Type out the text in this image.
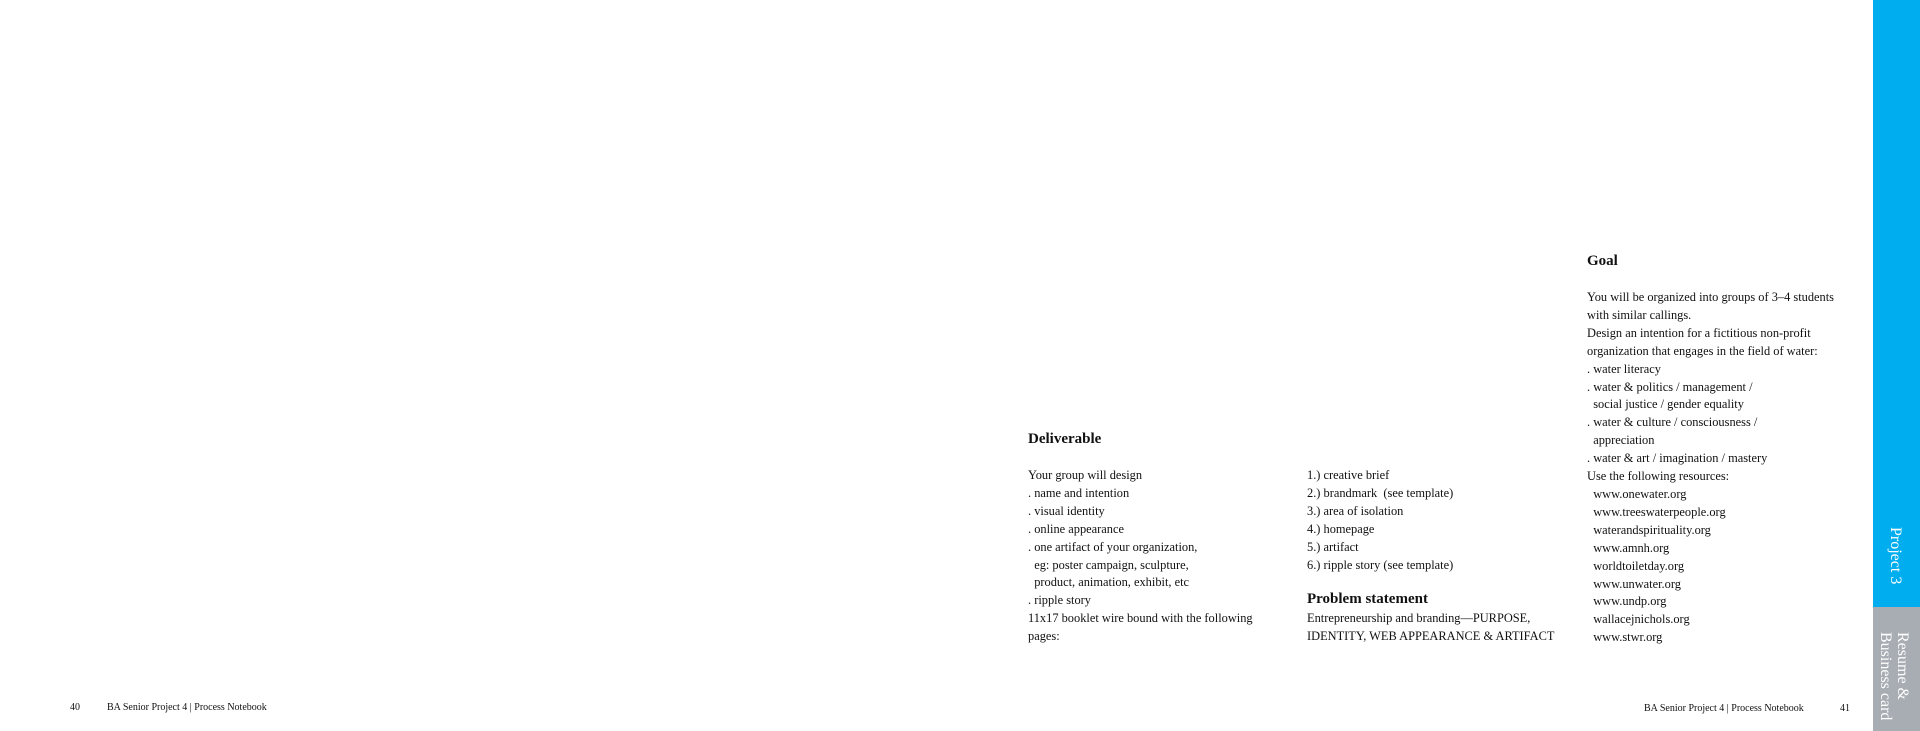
Goal
You will be organized into groups of 3–4 students
with similar callings.
Design an intention for a fictitious non-profit
organization that engages in the field of water:
. water literacy
. water & politics / management /
social justice / gender equality
. water & culture / consciousness /
appreciation
. water & art / imagination / mastery
Use the following resources:
www.onewater.org
www.treeswaterpeople.org
waterandspirituality.org
www.amnh.org
worldtoiletday.org
www.unwater.org
www.undp.org
wallacejnichols.org
www.stwr.org
Deliverable
Your group will design
. name and intention
. visual identity
. online appearance
. one artifact of your organization,
eg: poster campaign, sculpture,
product, animation, exhibit, etc
. ripple story
11x17 booklet wire bound with the following
pages:
1.) creative brief
2.) brandmark  (see template)
3.) area of isolation
4.) homepage
5.) artifact
6.) ripple story (see template)
Problem statement
Entrepreneurship and branding—PURPOSE,
IDENTITY, WEB APPEARANCE & ARTIFACT
40	BA Senior Project 4 | Process Notebook	BA Senior Project 4 | Process Notebook	41
Project 3
Resume &
Business card
